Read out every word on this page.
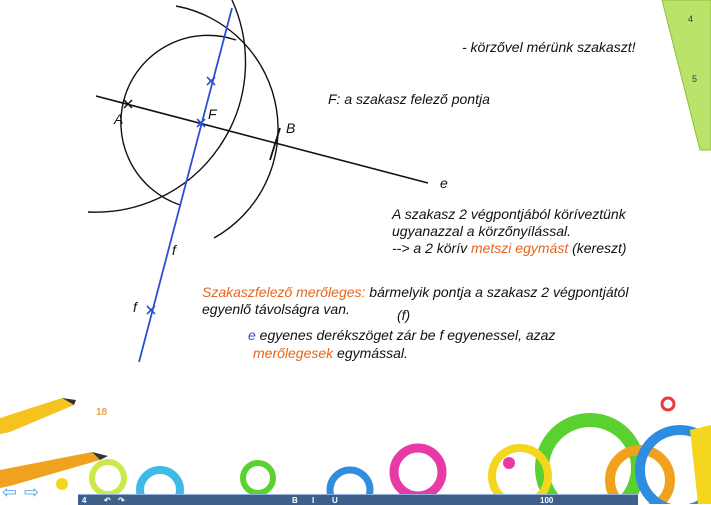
4
5
A
B
F
e
f
f
- körzővel mérünk szakaszt!
F: a szakasz felező pontja
A szakasz 2 végpontjából köríveztünk
ugyanazzal a körzőnyílással.
--> a 2 körív metszi egymást (kereszt)
Szakaszfelező merőleges: bármelyik pontja a szakasz 2 végpontjától
egyenlő távolságra van.	(f)
e egyenes derékszöget zár be f egyenessel, azaz
merőlegesek egymással.
18
⇦ ⇨	4 ↶ ↷	B I U	100
